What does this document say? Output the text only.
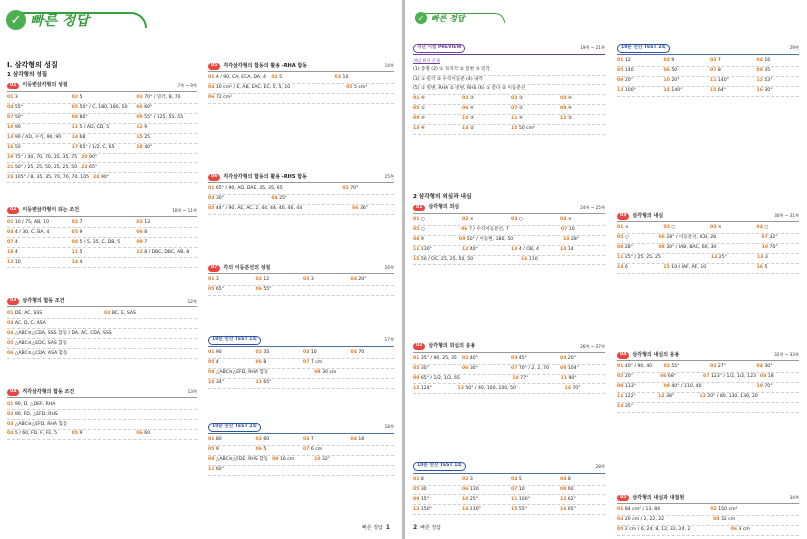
✓ 빠른 정답
I. 삼각형의 성질
1 삼각형의 성질
01	이등변삼각형의 성질	7쪽 ~ 9쪽
01 3	02 5	03 70° / 밑각, B, 70
04 55°	05 50° / C, 180, 180, 50	06 60°
07 50°	08 80°	09 55° / 125, 55, 55
10 90	11 5 / AD, CD, 5	12 9
13 90 / AD, 수직, 90, 90	14 68	15 25
16 50	17 65° / 1/2, C, 65	18 40°
19 75° / 40, 70, 70, 35, 35, 75 20 90°
21 50° / 25, 25, 50, 25, 25, 50 22 65°
23 105° / B, 35, 35, 70, 70, 70, 105 24 90°
02	이등변삼각형이 되는 조건	10쪽 ~ 11쪽
01 10 / 75, AB, 10	02 7	03 13
04 4 / 30, C, BA, 4	05 9	06 8
07 4	08 5 / 5, 35, C, DB, 5	09 7
10 4	11 5	12 8 / DBC, DBC, AB, 8
13 10	14 4
03	삼각형의 합동 조건	12쪽
01 DE, AC, SSS	02 BC, E, SAS
03 AC, D, C, ASA
04 △ABC≡△CDA, SSS 합동 / DA, AC, CDA, SSS
05 △ABC≡△EDC, SAS 합동
06 △ABC≡△CDA, ASA 합동
04	직각삼각형의 합동 조건	13쪽
01 90, D, △DEF, RHA
02 90, FD, △EFD, RHS
03 △ABC≡△EFD, RHA 합동
04 5 / 60, FD, F, FE, 5	05 9	06 60
05	직각삼각형의 합동의 활용 -RHA 합동	14쪽
01 4 / 90, CA, ECA, DA, 4	02 5	03 10
04 10 cm² / E, AB, EAC, EC, 5, 5, 10	05 5 cm²
06 72 cm²
06	직각삼각형의 합동의 활용 -RHS 합동	15쪽
01 65° / 90, AD, DAE, 35, 35, 65	02 70°
03 30°	04 25°
05 44° / 90, AE, AC, 2, 44, 44, 46, 46, 44	06 36°
07	각의 이등분선의 성질	16쪽
01 3	02 12	03 3	04 20°
05 65°	06 55°
10분 연산 TEST 1회	17쪽
01 90	02 35	03 10	04 70
05 4	06 8	07 7 cm
08 △ABC≡△EFD, RHA 합동	09 30 cm
10 34°	11 65°
10분 연산 TEST 2회	18쪽
01 80	02 60	03 7	04 18
05 9	06 5	07 6 cm
08 △ABC≡△FDE, RHS 합동 09 16 cm	10 32°
11 60°
빠른 정답 1
✓ 빠른 정답
지난 시험 PREVIEW	19쪽 ~ 21쪽
개념 확인 문제
(1) 증명 (2) ① 꼭지각 ② 밑변 ③ 밑각
(3) ① 밑각 ② 수직이등분 (4) 내각
(5) ① 빗변, RHA ② 빗변, RHS (6) ① 같다 ② 이등분선
01 ④	02 ③	03 ③	04 ④
05 ①	06 ④	07 ②	08 ④
09 ⑤	10 ③	11 ④	12 ③
13 ④	14 ②	15 50 cm²
2 삼각형의 외심과 내심
01	삼각형의 외심	24쪽 ~ 25쪽
01 ○	02 ×	03 ○	04 ×
05 ○	06 7 / 수직이등분선, 7	07 10
08 9	09 50° / 이등변, 180, 50	10 28°
11 130°	12 40°	13 4 / OB, 4	14 14
15 50 / OC, 25, 25, 50, 50	16 110
02	삼각형의 외심의 응용	26쪽 ~ 27쪽
01 35° / 90, 25, 35 02 40°	03 45°	04 20°
05 30°	06 30°	07 70° / 2, 2, 70	08 104°
09 65° / 1/2, 1/2, 65	10 77°	11 90°
12 124°	13 50° / 40, 100, 100, 50	14 70°
10분 연산 TEST 1회	28쪽
01 8	02 3	03 5	04 8
05 30	06 130	07 10	08 60
09 15°	10 25°	11 100°	12 62°
13 150°	14 110°	15 55°	16 65°
10분 연산 TEST 2회	29쪽
01 12	02 9	03 7	04 16
05 140	06 50	07 8	08 35
09 20°	10 20°	11 140°	12 53°
13 100°	14 140°	15 64°	16 30°
03	삼각형의 내심	30쪽 ~ 31쪽
01 ×	02 ○	03 ×	04 ○
05 ○	06 28° / 이등분선, ICB, 28	07 32°
08 28°	09 30° / IAB, BAC, 60, 30	10 70°
11 25° / 25, 25, 25	12 25°	13 3
14 6	15 10 / IAF, AF, 10	16 5
04	삼각형의 내심의 응용	32쪽 ~ 33쪽
01 40° / 90, 40	02 55°	03 27°	04 30°
05 20°	06 68°	07 123° / 1/2, 1/2, 123 08 18
08 133°	09 40° / 110, 40	10 70°
11 122°	12 38°	13 20° / 80, 130, 130, 20
14 35°
05	삼각형의 내심과 내접원	34쪽
01 84 cm² / 13, 84	02 150 cm²
03 20 cm / 2, 22, 22	04 32 cm
05 2 cm / 6, 24, 8, 12, 32, 24, 2	06 3 cm
2 빠른 정답
